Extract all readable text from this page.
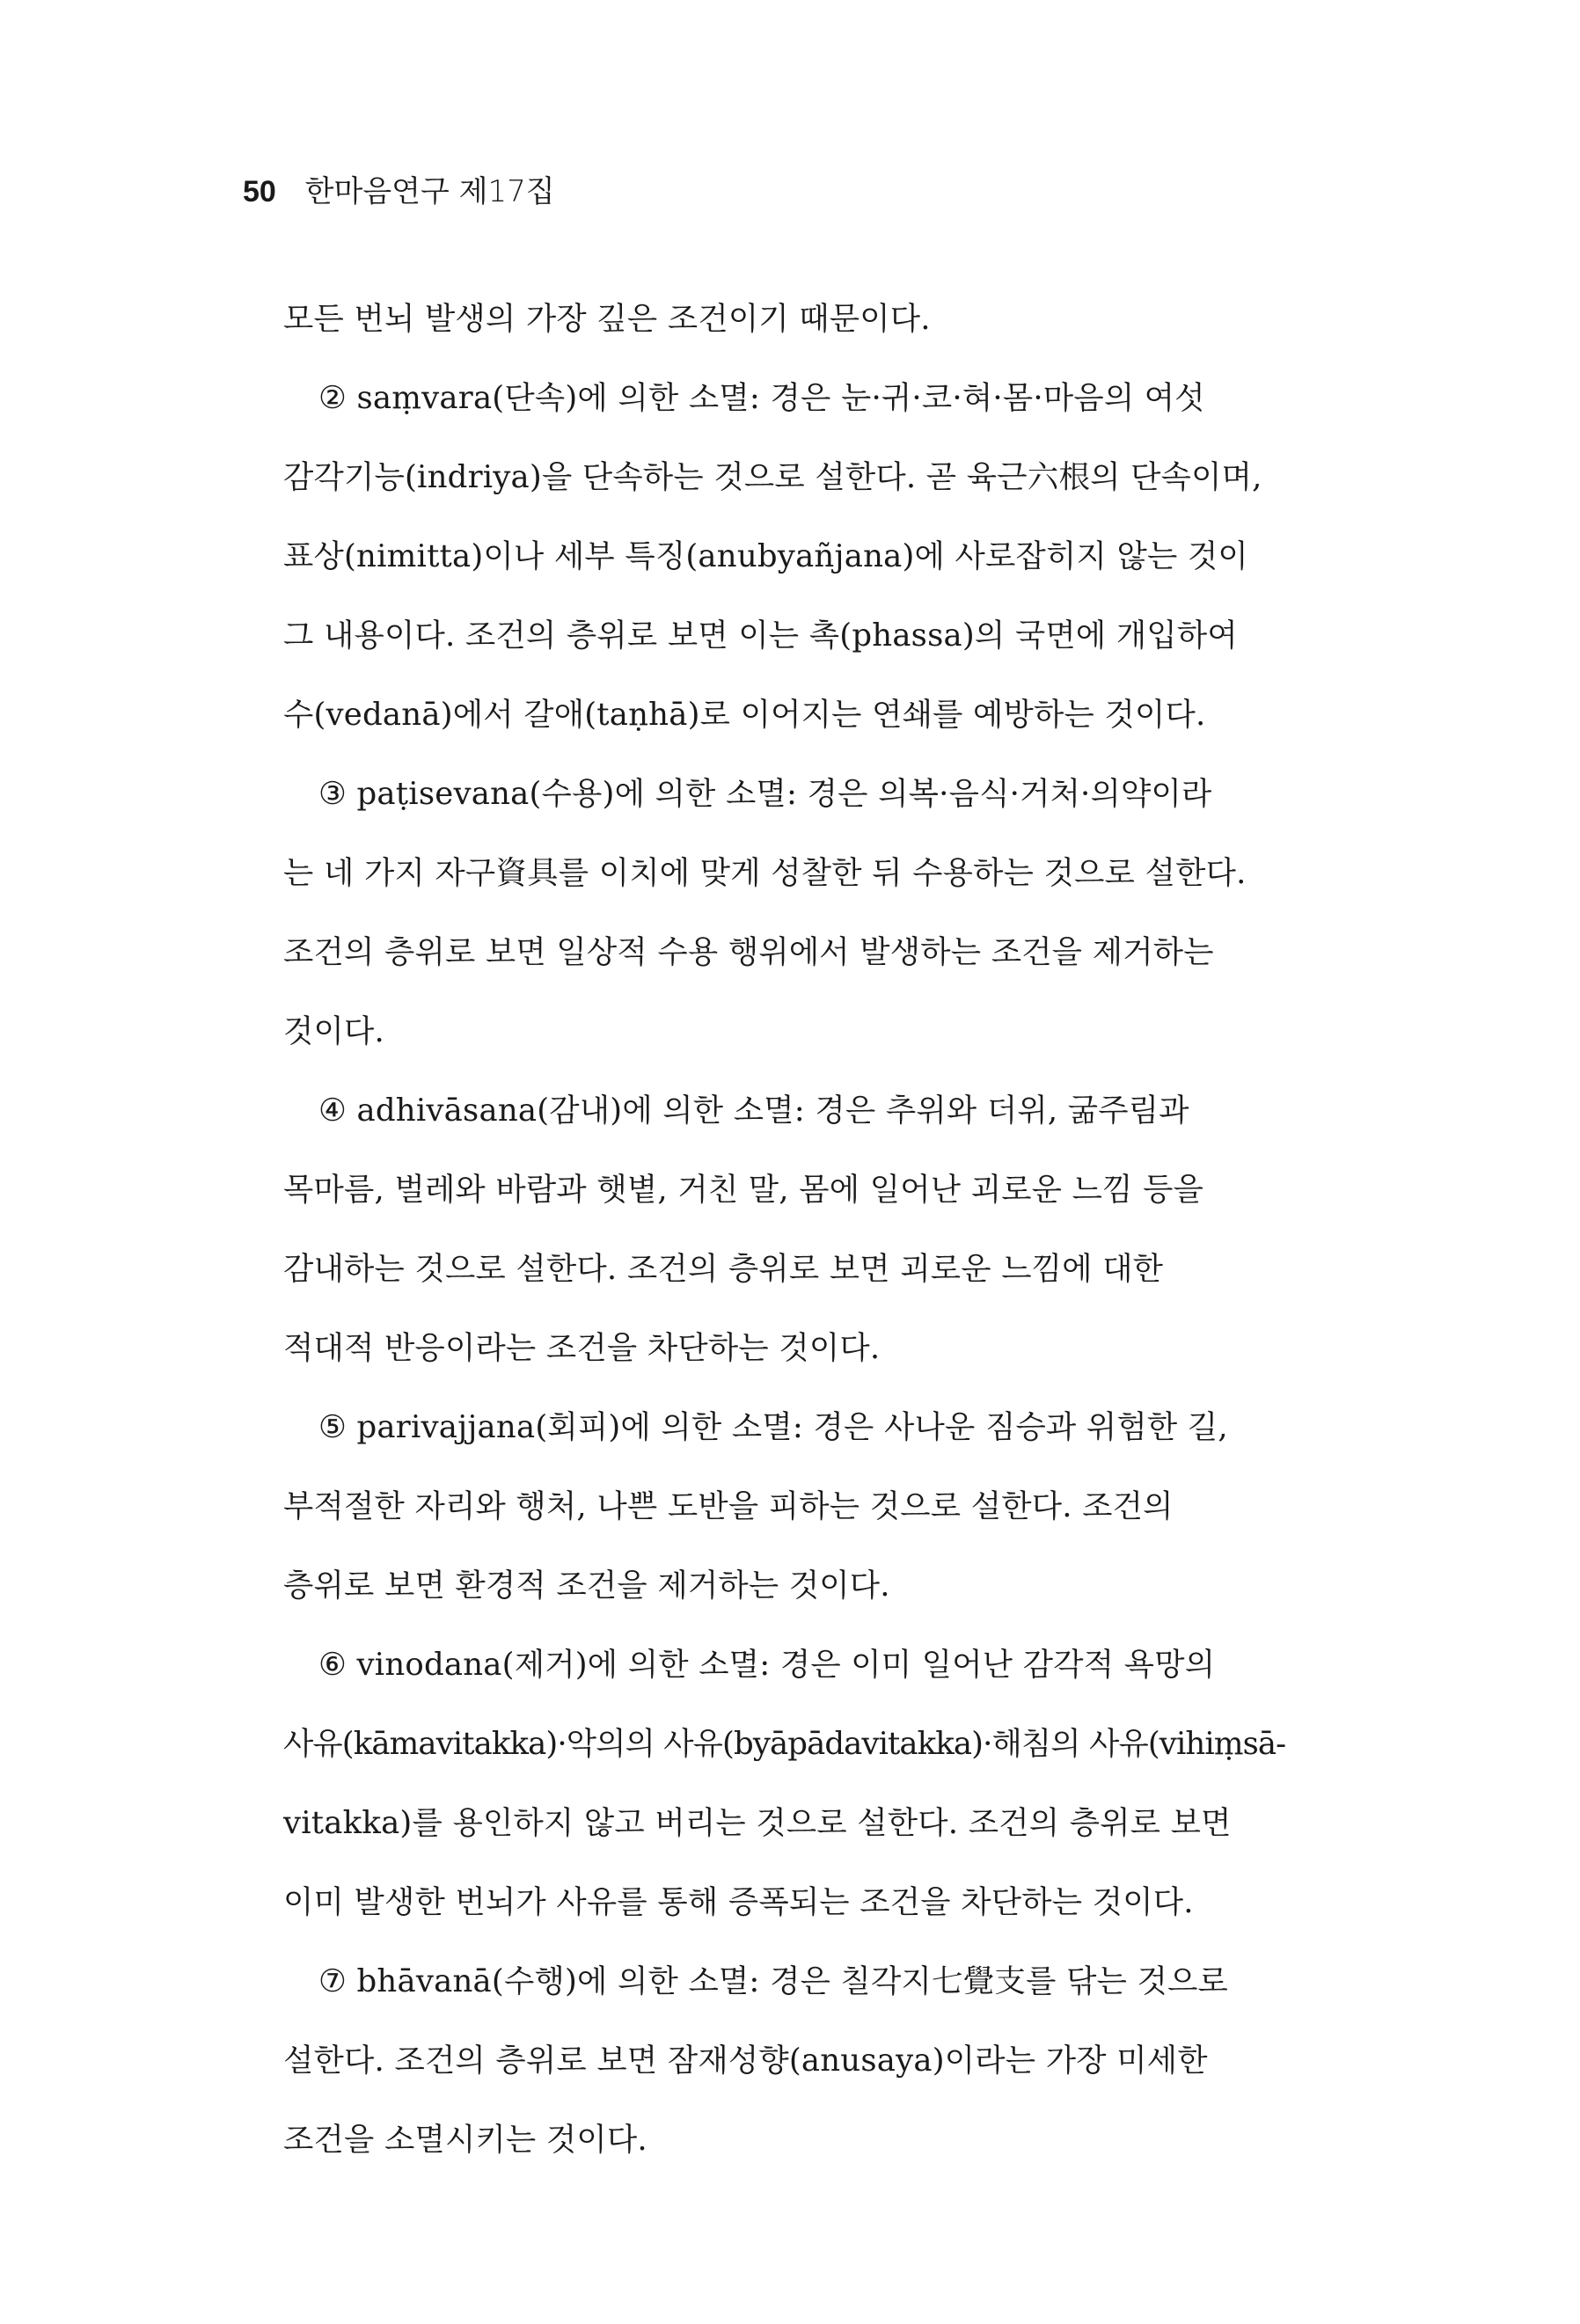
50 한마음연구 제17집
모든 번뇌 발생의 가장 깊은 조건이기 때문이다.
② saṃvara(단속)에 의한 소멸: 경은 눈·귀·코·혀·몸·마음의 여섯
감각기능(indriya)을 단속하는 것으로 설한다. 곧 육근六根의 단속이며,
표상(nimitta)이나 세부 특징(anubyañjana)에 사로잡히지 않는 것이
그 내용이다. 조건의 층위로 보면 이는 촉(phassa)의 국면에 개입하여
수(vedanā)에서 갈애(taṇhā)로 이어지는 연쇄를 예방하는 것이다.
③ paṭisevana(수용)에 의한 소멸: 경은 의복·음식·거처·의약이라
는 네 가지 자구資具를 이치에 맞게 성찰한 뒤 수용하는 것으로 설한다.
조건의 층위로 보면 일상적 수용 행위에서 발생하는 조건을 제거하는
것이다.
④ adhivāsana(감내)에 의한 소멸: 경은 추위와 더위, 굶주림과
목마름, 벌레와 바람과 햇볕, 거친 말, 몸에 일어난 괴로운 느낌 등을
감내하는 것으로 설한다. 조건의 층위로 보면 괴로운 느낌에 대한
적대적 반응이라는 조건을 차단하는 것이다.
⑤ parivajjana(회피)에 의한 소멸: 경은 사나운 짐승과 위험한 길,
부적절한 자리와 행처, 나쁜 도반을 피하는 것으로 설한다. 조건의
층위로 보면 환경적 조건을 제거하는 것이다.
⑥ vinodana(제거)에 의한 소멸: 경은 이미 일어난 감각적 욕망의
사유(kāmavitakka)·악의의 사유(byāpādavitakka)·해침의 사유(vihiṃsā-
vitakka)를 용인하지 않고 버리는 것으로 설한다. 조건의 층위로 보면
이미 발생한 번뇌가 사유를 통해 증폭되는 조건을 차단하는 것이다.
⑦ bhāvanā(수행)에 의한 소멸: 경은 칠각지七覺支를 닦는 것으로
설한다. 조건의 층위로 보면 잠재성향(anusaya)이라는 가장 미세한
조건을 소멸시키는 것이다.
